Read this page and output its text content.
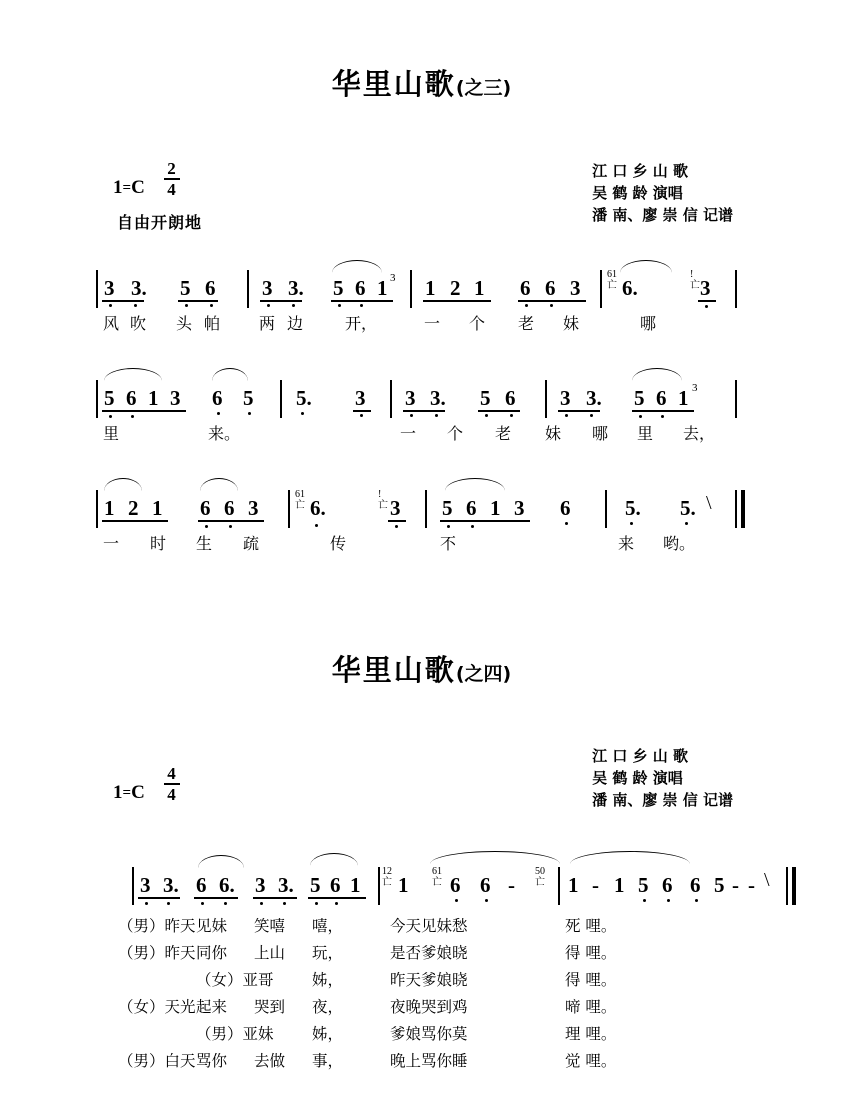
华里山歌(之三)
$1=C \frac{2}{4}$
自由开朗地
江 口 乡 山 歌
吴 鹤 龄 演唱
潘 南、廖 崇 信 记谱
3 3. 5 6 3 3. 5 6 1 3 1 2 1 6 6 3
61
亡 6.
!
亡 3
风 吹 头 帕 两 边	开，	一 个 老 妹	哪
5 6 1 3 6 5 5. 3 3 3. 5 6 3 3. 5 6 1 3
里	来。	一 个 老 妹 哪 里 去，
1 2 1 6 6 3
61
亡 6.
!
亡 3 5 6 1 3 6	5. 5. \
一 时 生 疏	传	不	来 哟。
华里山歌(之四)
$1=C \frac{4}{4}$
江 口 乡 山 歌
吴 鹤 龄 演唱
潘 南、廖 崇 信 记谱
3 3. 6 6. 3 3. 5 6 1
12
亡 1
61
亡 6 6 -
50
亡 1 - 1 5 6 6 5 - - \
（男）昨天 见妹 笑嘻 嘻，	今天见妹愁	死 哩。
（男）昨天 同你 上山 玩，	是否爹娘晓	得 哩。
（女）亚哥 姊，	昨天爹娘晓	得 哩。
（女）天光 起来 哭到 夜，	夜晚哭到鸡	啼 哩。
（男）亚妹 姊，	爹娘骂你莫	理 哩。
（男）白天 骂你 去做 事，	晚上骂你睡	觉 哩。
